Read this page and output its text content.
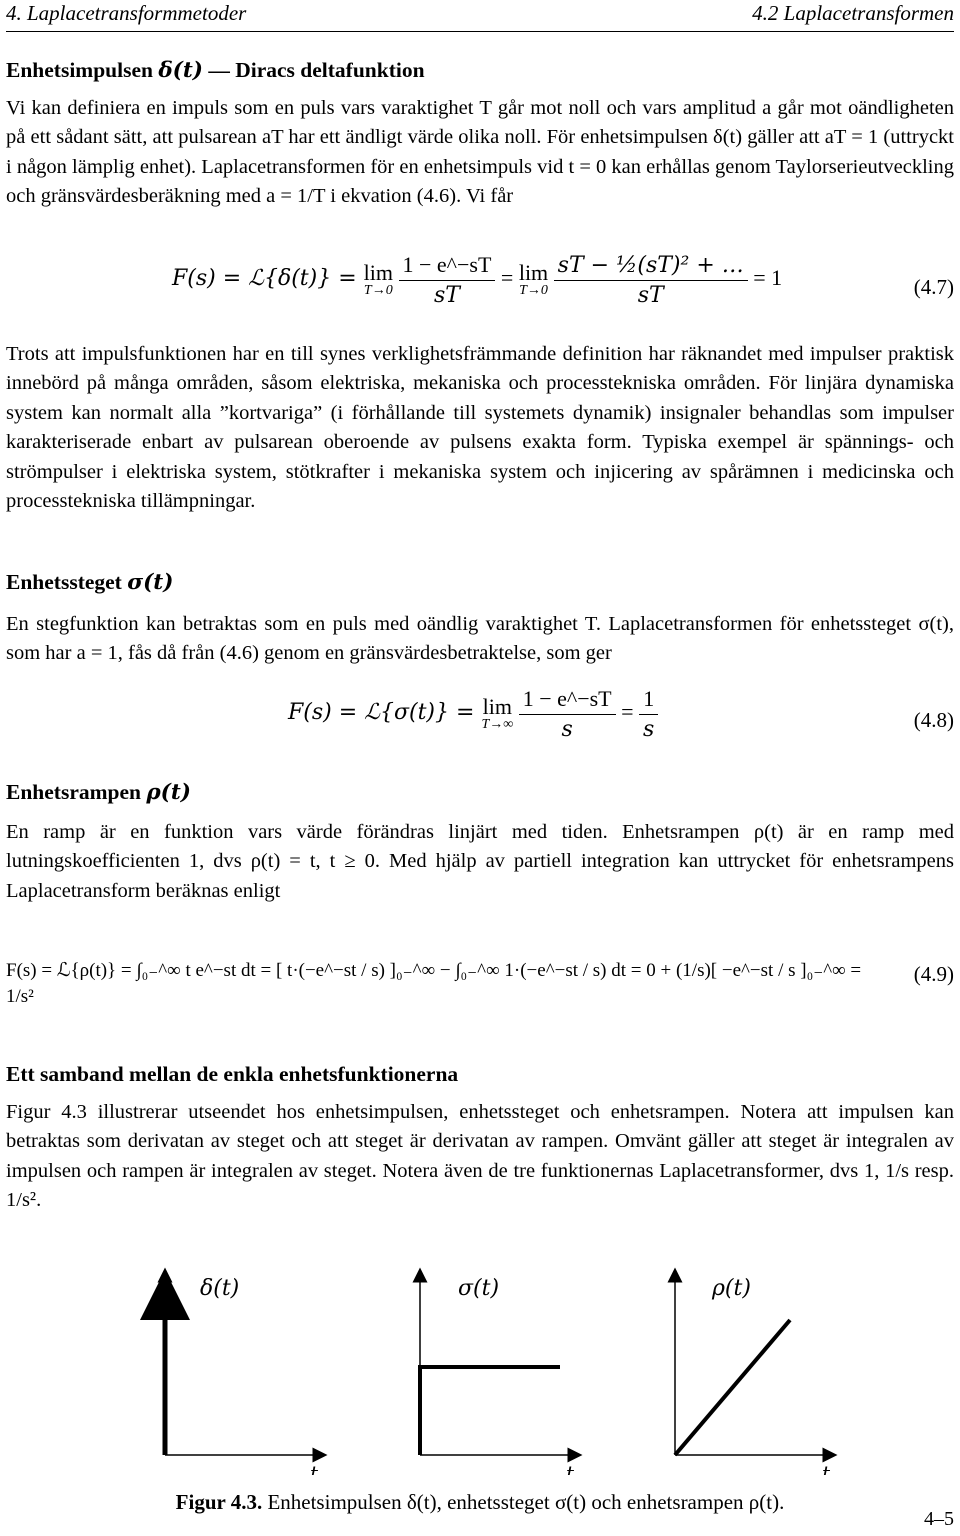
4. Laplacetransformmetoder	4.2 Laplacetransformen
Enhetsimpulsen δ(t) — Diracs deltafunktion

Vi kan definiera en impuls som en puls vars varaktighet T går mot noll och vars amplitud a går mot oändligheten på ett sådant sätt, att pulsarean aT har ett ändligt värde olika noll. För enhetsimpulsen δ(t) gäller att aT = 1 (uttryckt i någon lämplig enhet). Laplacetransformen för en enhetsimpuls vid t = 0 kan erhållas genom Taylorserieutveckling och gränsvärdesberäkning med a = 1/T i ekvation (4.6). Vi får

F(s) = ℒ{δ(t)} = lim
T→0
$\frac{1 - e\^{}-sT}{sT} = \lim$
T→0
$\frac{\text{sT − ½(sT)² + …}}{sT} = 1$	(4.7)

Trots att impulsfunktionen har en till synes verklighetsfrämmande definition har räknandet med impulser praktisk innebörd på många områden, såsom elektriska, mekaniska och processtekniska områden. För linjära dynamiska system kan normalt alla ”kortvariga” (i förhållande till systemets dynamik) insignaler behandlas som impulser karakteriserade enbart av pulsarean oberoende av pulsens exakta form. Typiska exempel är spännings- och strömpulser i elektriska system, stötkrafter i mekaniska system och injicering av spårämnen i medicinska och processtekniska tillämpningar.

Enhetssteget σ(t)

En stegfunktion kan betraktas som en puls med oändlig varaktighet T. Laplacetransformen för enhetssteget σ(t), som har a = 1, fås då från (4.6) genom en gränsvärdesbetraktelse, som ger

F(s) = ℒ{σ(t)} = lim
T→∞
$\frac{1 - e\^{}-sT}{s} = \frac{1}{s}$	(4.8)
Enhetsrampen ρ(t)

En ramp är en funktion vars värde förändras linjärt med tiden. Enhetsrampen ρ(t) är en ramp med lutningskoefficienten 1, dvs ρ(t) = t, t ≥ 0. Med hjälp av partiell integration kan uttrycket för enhetsrampens Laplacetransform beräknas enligt

F(s) = ℒ{ρ(t)} = ∫₀₋^∞ t e^−st dt = [ t·(−e^−st / s) ]₀₋^∞ − ∫₀₋^∞ 1·(−e^−st / s) dt = 0 + (1/s)[ −e^−st / s ]₀₋^∞ = 1/s²
(4.9)
Ett samband mellan de enkla enhetsfunktionerna

Figur 4.3 illustrerar utseendet hos enhetsimpulsen, enhetssteget och enhetsrampen. Notera att impulsen kan betraktas som derivatan av steget och att steget är derivatan av rampen. Omvänt gäller att steget är integralen av impulsen och rampen är integralen av steget. Notera även de tre funktionernas Laplacetransformer, dvs 1, 1/s resp. 1/s².

δ(t)
t
σ(t)
t
ρ(t)
t
Figur 4.3. Enhetsimpulsen δ(t), enhetssteget σ(t) och enhetsrampen ρ(t).
4–5
